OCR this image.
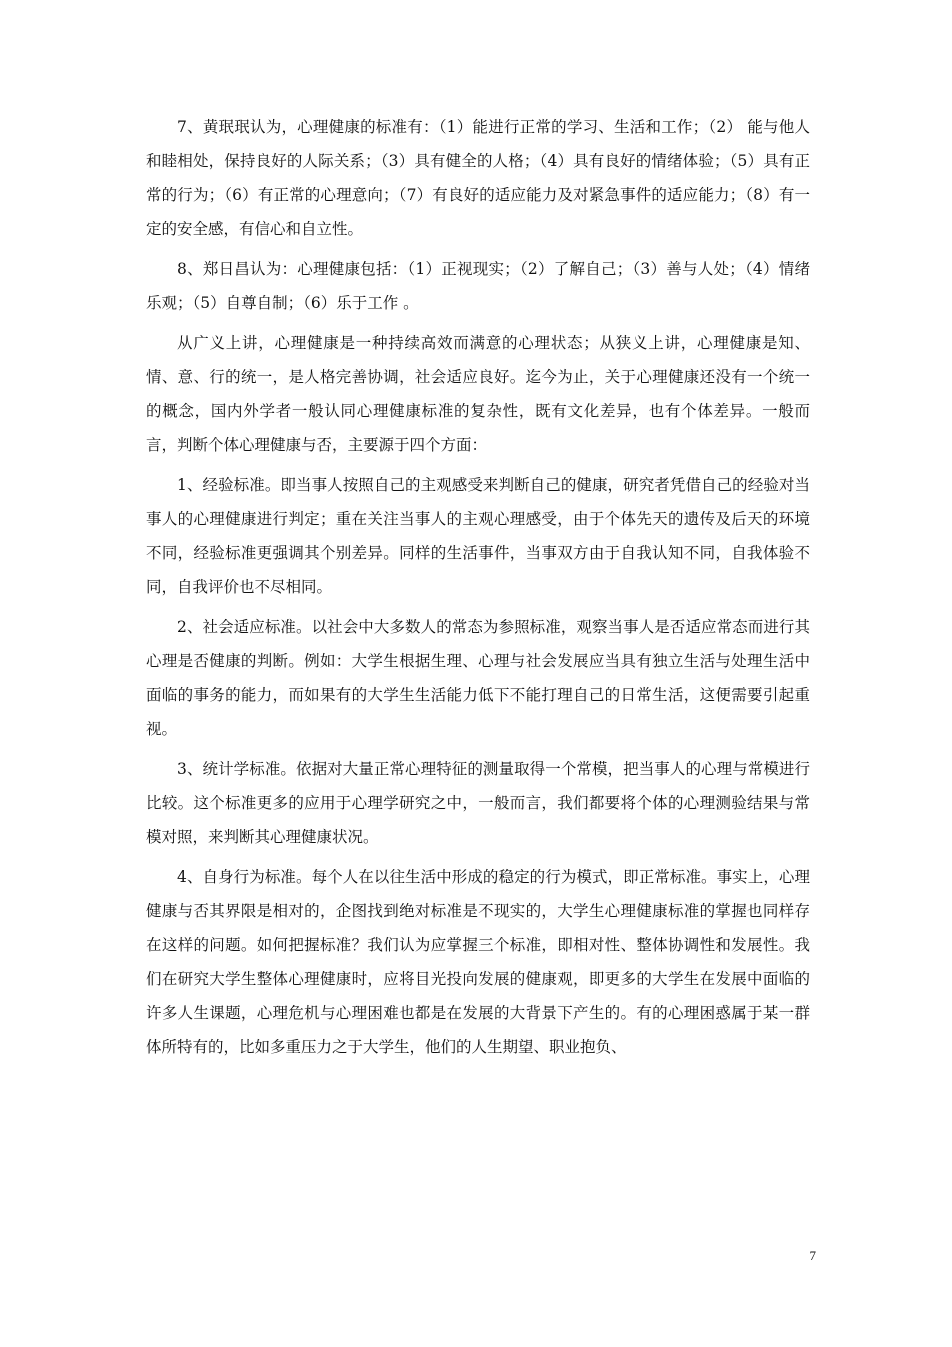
7、黄珉珉认为，心理健康的标准有：（1）能进行正常的学习、生活和工作；（2） 能与他人和睦相处，保持良好的人际关系；（3）具有健全的人格；（4）具有良好的情绪体验；（5）具有正常的行为；（6）有正常的心理意向；（7）有良好的适应能力及对紧急事件的适应能力；（8）有一定的安全感，有信心和自立性。

8、郑日昌认为：心理健康包括：（1）正视现实；（2）了解自己；（3）善与人处；（4）情绪乐观；（5）自尊自制；（6）乐于工作 。

从广义上讲，心理健康是一种持续高效而满意的心理状态；从狭义上讲，心理健康是知、情、意、行的统一，是人格完善协调，社会适应良好。迄今为止，关于心理健康还没有一个统一的概念，国内外学者一般认同心理健康标准的复杂性，既有文化差异，也有个体差异。一般而言，判断个体心理健康与否，主要源于四个方面：

1、经验标准。即当事人按照自己的主观感受来判断自己的健康，研究者凭借自己的经验对当事人的心理健康进行判定；重在关注当事人的主观心理感受，由于个体先天的遗传及后天的环境不同，经验标准更强调其个别差异。同样的生活事件，当事双方由于自我认知不同，自我体验不同，自我评价也不尽相同。

2、社会适应标准。以社会中大多数人的常态为参照标准，观察当事人是否适应常态而进行其心理是否健康的判断。例如：大学生根据生理、心理与社会发展应当具有独立生活与处理生活中面临的事务的能力，而如果有的大学生生活能力低下不能打理自己的日常生活，这便需要引起重视。

3、统计学标准。依据对大量正常心理特征的测量取得一个常模，把当事人的心理与常模进行比较。这个标准更多的应用于心理学研究之中，一般而言，我们都要将个体的心理测验结果与常模对照，来判断其心理健康状况。

4、自身行为标准。每个人在以往生活中形成的稳定的行为模式，即正常标准。事实上，心理健康与否其界限是相对的，企图找到绝对标准是不现实的，大学生心理健康标准的掌握也同样存在这样的问题。如何把握标准？我们认为应掌握三个标准，即相对性、整体协调性和发展性。我们在研究大学生整体心理健康时，应将目光投向发展的健康观，即更多的大学生在发展中面临的许多人生课题，心理危机与心理困难也都是在发展的大背景下产生的。有的心理困惑属于某一群体所特有的，比如多重压力之于大学生，他们的人生期望、职业抱负、

7
